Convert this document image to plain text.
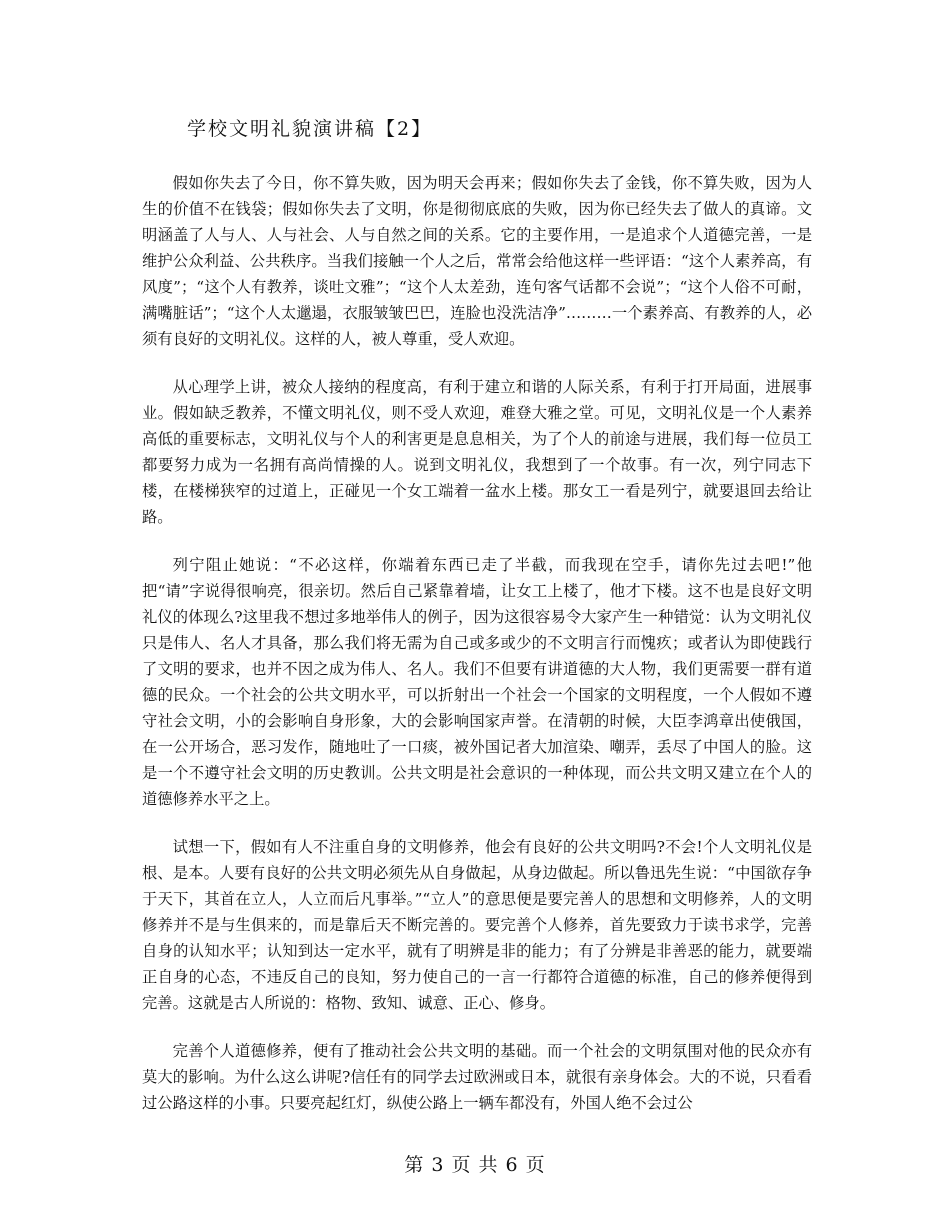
学校文明礼貌演讲稿【2】

假如你失去了今日，你不算失败，因为明天会再来；假如你失去了金钱，你不算失败，因为人生的价值不在钱袋；假如你失去了文明，你是彻彻底底的失败，因为你已经失去了做人的真谛。文明涵盖了人与人、人与社会、人与自然之间的关系。它的主要作用，一是追求个人道德完善，一是维护公众利益、公共秩序。当我们接触一个人之后，常常会给他这样一些评语：“这个人素养高，有风度”；“这个人有教养，谈吐文雅”；“这个人太差劲，连句客气话都不会说”；“这个人俗不可耐，满嘴脏话”；“这个人太邋遢，衣服皱皱巴巴，连脸也没洗洁净”………一个素养高、有教养的人，必须有良好的文明礼仪。这样的人，被人尊重，受人欢迎。

从心理学上讲，被众人接纳的程度高，有利于建立和谐的人际关系，有利于打开局面，进展事业。假如缺乏教养，不懂文明礼仪，则不受人欢迎，难登大雅之堂。可见，文明礼仪是一个人素养高低的重要标志，文明礼仪与个人的利害更是息息相关，为了个人的前途与进展，我们每一位员工都要努力成为一名拥有高尚情操的人。说到文明礼仪，我想到了一个故事。有一次，列宁同志下楼，在楼梯狭窄的过道上，正碰见一个女工端着一盆水上楼。那女工一看是列宁，就要退回去给让路。

列宁阻止她说：“不必这样，你端着东西已走了半截，而我现在空手，请你先过去吧!”他把“请”字说得很响亮，很亲切。然后自己紧靠着墙，让女工上楼了，他才下楼。这不也是良好文明礼仪的体现么?这里我不想过多地举伟人的例子，因为这很容易令大家产生一种错觉：认为文明礼仪只是伟人、名人才具备，那么我们将无需为自己或多或少的不文明言行而愧疚；或者认为即使践行了文明的要求，也并不因之成为伟人、名人。我们不但要有讲道德的大人物，我们更需要一群有道德的民众。一个社会的公共文明水平，可以折射出一个社会一个国家的文明程度，一个人假如不遵守社会文明，小的会影响自身形象，大的会影响国家声誉。在清朝的时候，大臣李鸿章出使俄国，在一公开场合，恶习发作，随地吐了一口痰，被外国记者大加渲染、嘲弄，丢尽了中国人的脸。这是一个不遵守社会文明的历史教训。公共文明是社会意识的一种体现，而公共文明又建立在个人的道德修养水平之上。

试想一下，假如有人不注重自身的文明修养，他会有良好的公共文明吗?不会!个人文明礼仪是根、是本。人要有良好的公共文明必须先从自身做起，从身边做起。所以鲁迅先生说：“中国欲存争于天下，其首在立人，人立而后凡事举。”“立人”的意思便是要完善人的思想和文明修养，人的文明修养并不是与生俱来的，而是靠后天不断完善的。要完善个人修养，首先要致力于读书求学，完善自身的认知水平；认知到达一定水平，就有了明辨是非的能力；有了分辨是非善恶的能力，就要端正自身的心态，不违反自己的良知，努力使自己的一言一行都符合道德的标准，自己的修养便得到完善。这就是古人所说的：格物、致知、诚意、正心、修身。

完善个人道德修养，便有了推动社会公共文明的基础。而一个社会的文明氛围对他的民众亦有莫大的影响。为什么这么讲呢?信任有的同学去过欧洲或日本，就很有亲身体会。大的不说，只看看过公路这样的小事。只要亮起红灯，纵使公路上一辆车都没有，外国人绝不会过公

第 3 页 共 6 页
